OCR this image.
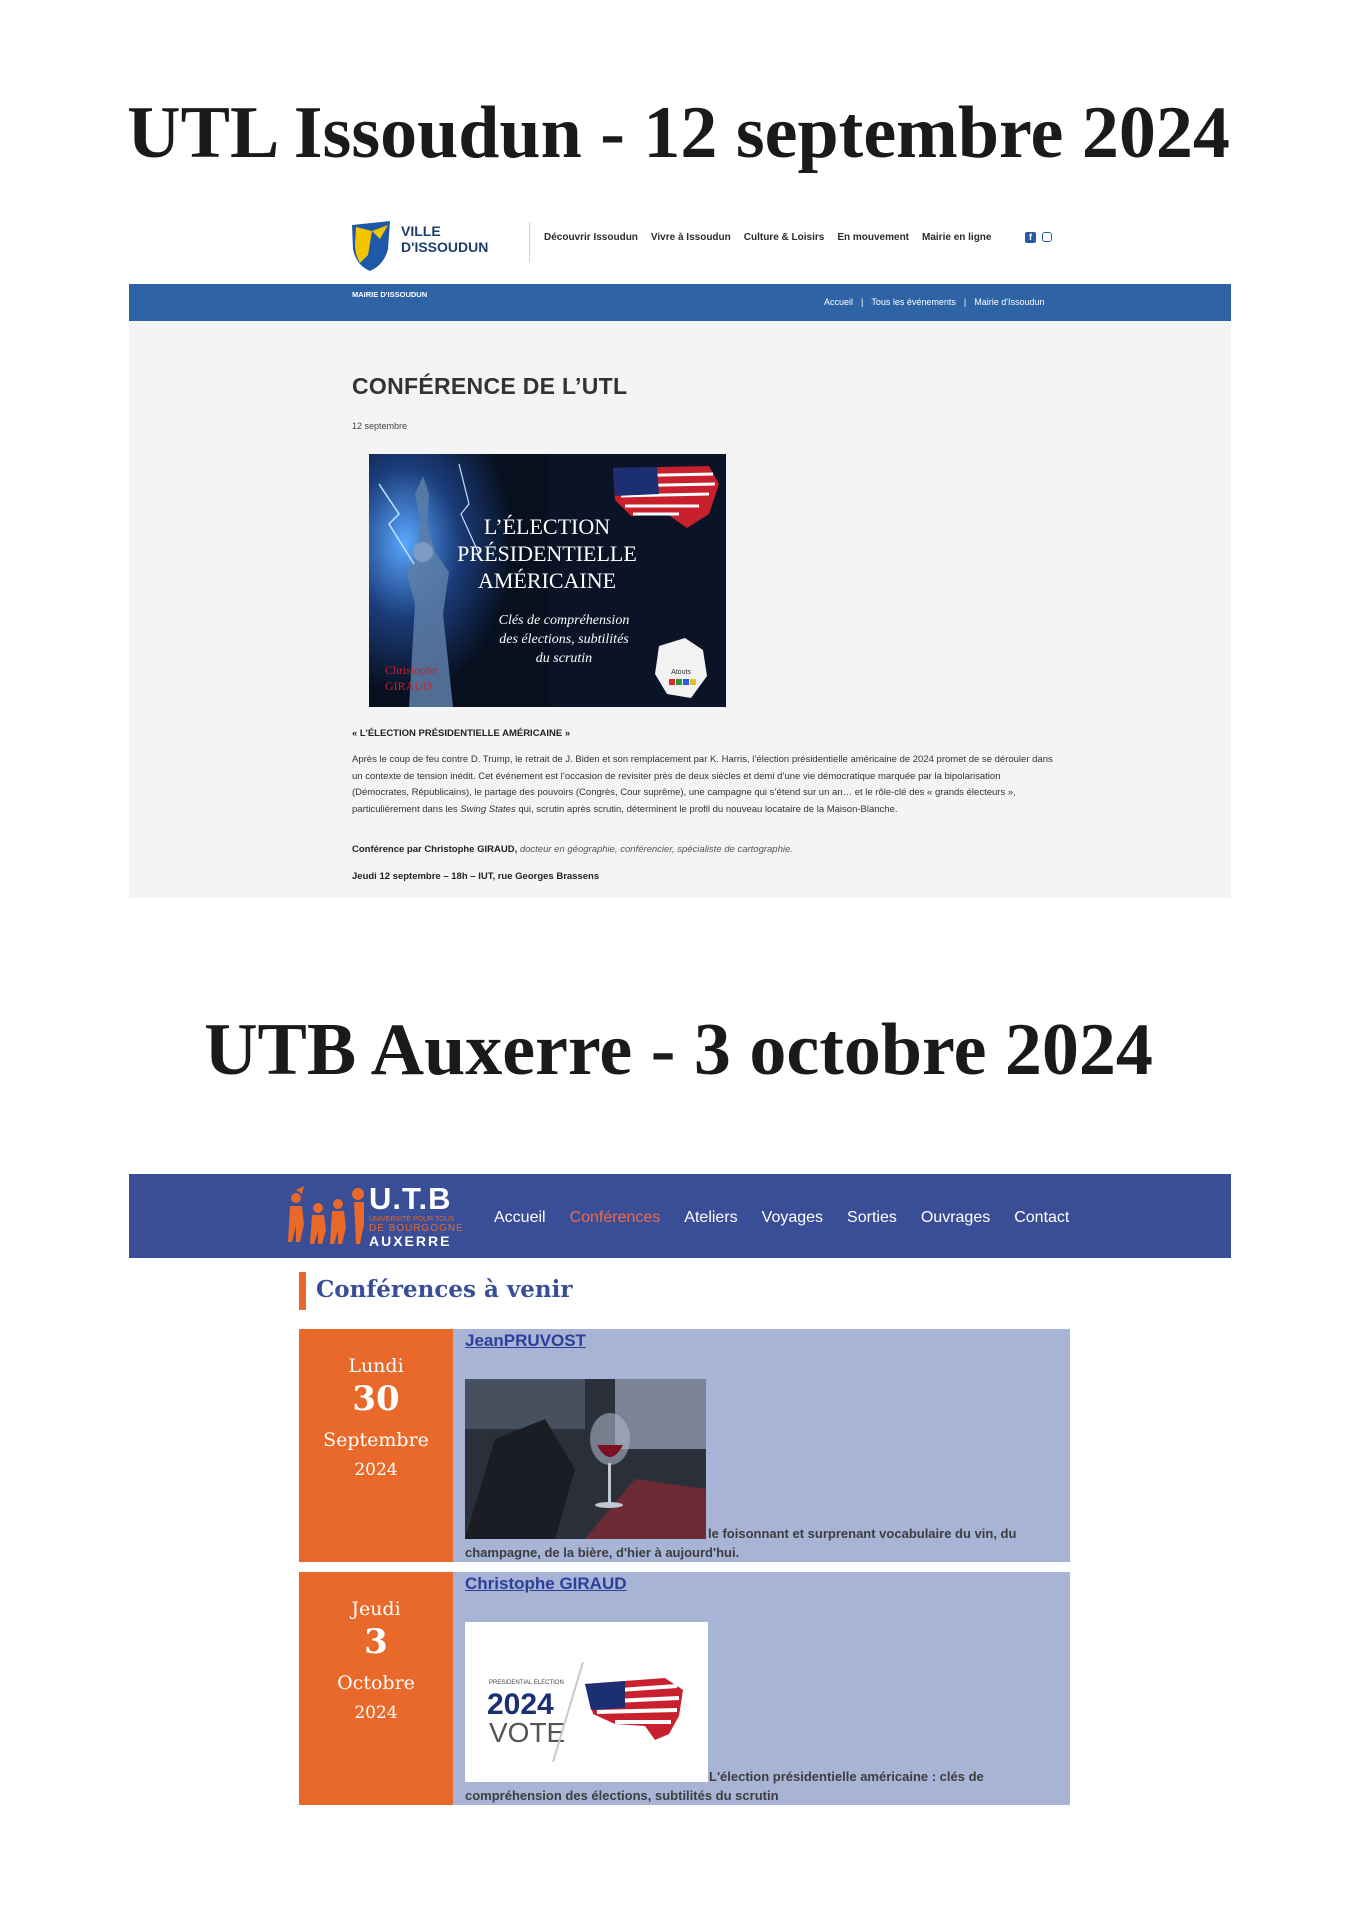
UTL Issoudun - 12 septembre 2024
VILLE
D'ISSOUDUN
Découvrir Issoudun Vivre à Issoudun Culture & Loisirs En mouvement Mairie en ligne	f
MAIRIE D'ISSOUDUN
Accueil | Tous les événements | Mairie d'Issoudun
CONFÉRENCE DE L’UTL
12 septembre
L’ÉLECTION
PRÉSIDENTIELLE
AMÉRICAINE
Clés de compréhension
des élections, subtilités
du scrutin
Christophe
GIRAUD
Atouts
« L’ÉLECTION PRÉSIDENTIELLE AMÉRICAINE »

Après le coup de feu contre D. Trump, le retrait de J. Biden et son remplacement par K. Harris, l’élection présidentielle américaine de 2024 promet de se dérouler dans un contexte de tension inédit. Cet événement est l’occasion de revisiter près de deux siècles et demi d’une vie démocratique marquée par la bipolarisation (Démocrates, Républicains), le partage des pouvoirs (Congrès, Cour suprême), une campagne qui s’étend sur un an… et le rôle-clé des « grands électeurs », particulièrement dans les Swing States qui, scrutin après scrutin, déterminent le profil du nouveau locataire de la Maison-Blanche.

Conférence par Christophe GIRAUD, docteur en géographie, conférencier, spécialiste de cartographie.
Jeudi 12 septembre – 18h – IUT, rue Georges Brassens
UTB Auxerre - 3 octobre 2024
U.T.B
UNIVERSITÉ POUR TOUS
DE BOURGOGNE
AUXERRE
Accueil Conférences Ateliers Voyages Sorties Ouvrages Contact
Conférences à venir
Lundi
30
Septembre
2024
JeanPRUVOST

le foisonnant et surprenant vocabulaire du vin, du champagne, de la bière, d'hier à aujourd'hui.

Jeudi
3
Octobre
2024
Christophe GIRAUD
PRESIDENTIAL ELECTION
2024
VOTE

L'élection présidentielle américaine : clés de compréhension des élections, subtilités du scrutin
